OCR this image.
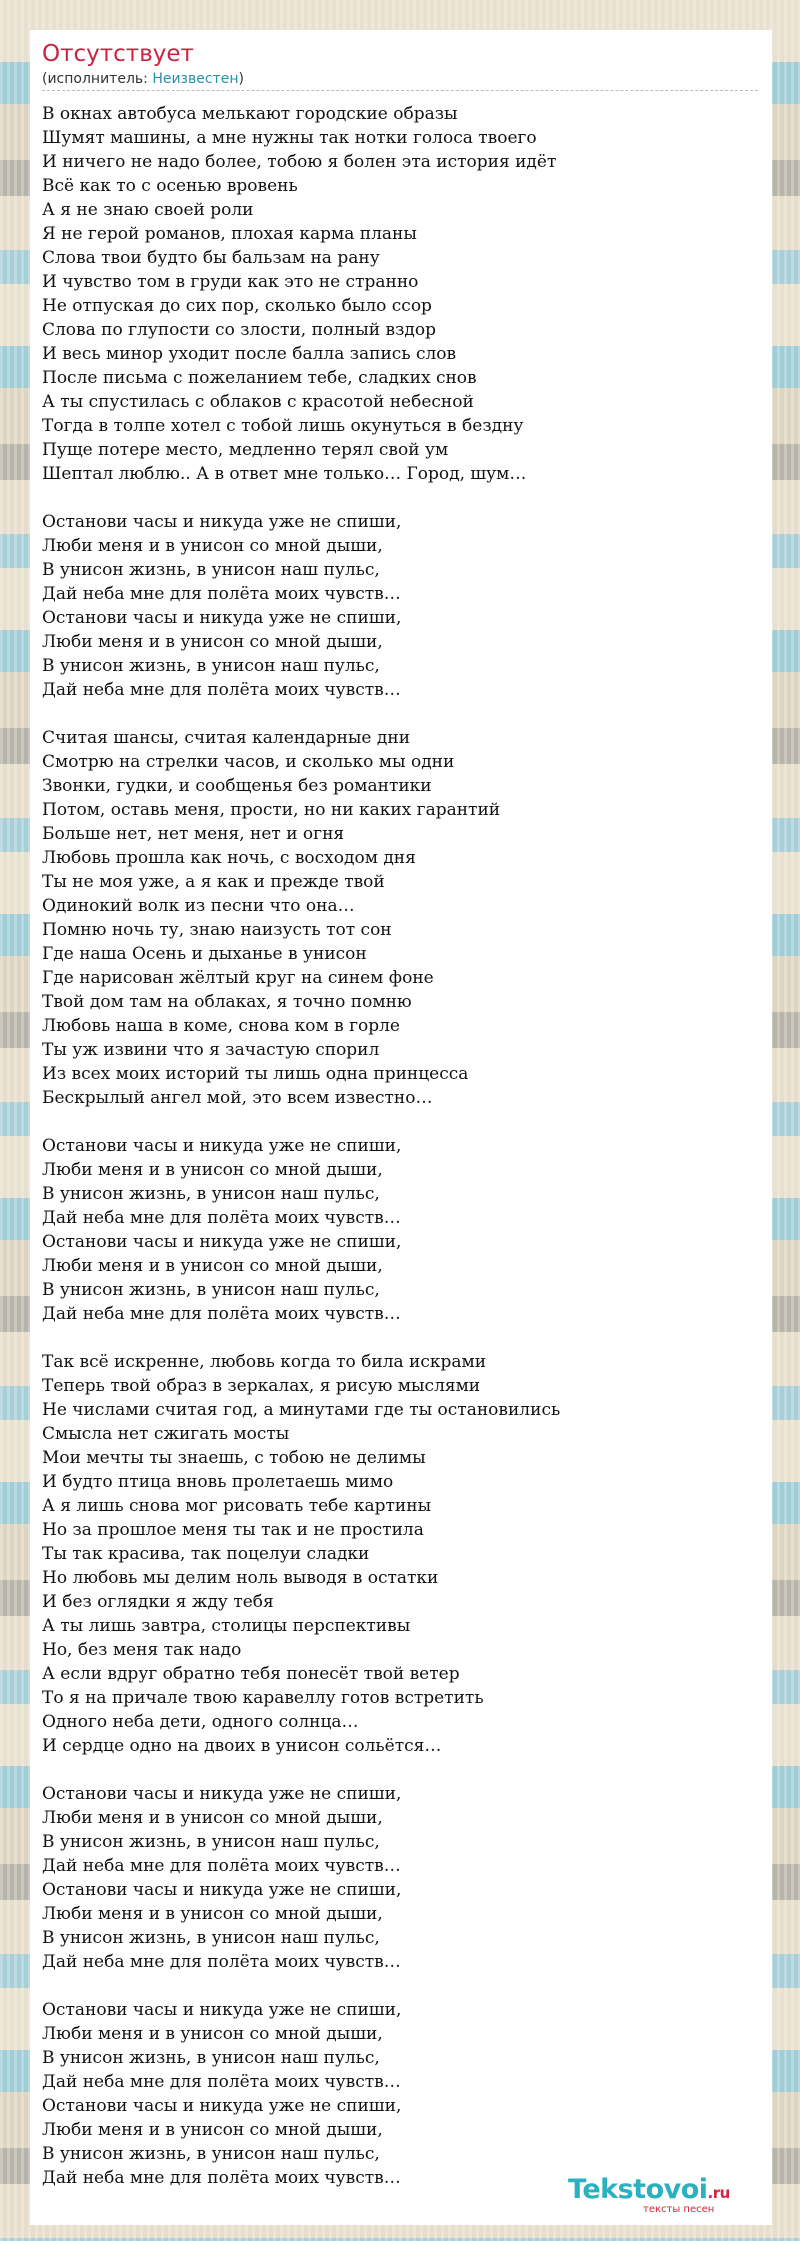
Отсутствует
(исполнитель: Неизвестен)
В окнах автобуса мелькают городские образы
Шумят машины, а мне нужны так нотки голоса твоего
И ничего не надо более, тобою я болен эта история идёт
Всё как то с осенью вровень
А я не знаю своей роли
Я не герой романов, плохая карма планы
Слова твои будто бы бальзам на рану
И чувство том в груди как это не странно
Не отпуская до сих пор, сколько было ссор
Слова по глупости со злости, полный вздор
И весь минор уходит после балла запись слов
После письма с пожеланием тебе, сладких снов
А ты спустилась с облаков с красотой небесной
Тогда в толпе хотел с тобой лишь окунуться в бездну
Пуще потере место, медленно терял свой ум
Шептал люблю.. А в ответ мне только… Город, шум…
Останови часы и никуда уже не спиши,
Люби меня и в унисон со мной дыши,
В унисон жизнь, в унисон наш пульс,
Дай неба мне для полёта моих чувств…
Останови часы и никуда уже не спиши,
Люби меня и в унисон со мной дыши,
В унисон жизнь, в унисон наш пульс,
Дай неба мне для полёта моих чувств…
Считая шансы, считая календарные дни
Смотрю на стрелки часов, и сколько мы одни
Звонки, гудки, и сообщенья без романтики
Потом, оставь меня, прости, но ни каких гарантий
Больше нет, нет меня, нет и огня
Любовь прошла как ночь, с восходом дня
Ты не моя уже, а я как и прежде твой
Одинокий волк из песни что она…
Помню ночь ту, знаю наизусть тот сон
Где наша Осень и дыханье в унисон
Где нарисован жёлтый круг на синем фоне
Твой дом там на облаках, я точно помню
Любовь наша в коме, снова ком в горле
Ты уж извини что я зачастую спорил
Из всех моих историй ты лишь одна принцесса
Бескрылый ангел мой, это всем известно…
Останови часы и никуда уже не спиши,
Люби меня и в унисон со мной дыши,
В унисон жизнь, в унисон наш пульс,
Дай неба мне для полёта моих чувств…
Останови часы и никуда уже не спиши,
Люби меня и в унисон со мной дыши,
В унисон жизнь, в унисон наш пульс,
Дай неба мне для полёта моих чувств…
Так всё искренне, любовь когда то била искрами
Теперь твой образ в зеркалах, я рисую мыслями
Не числами считая год, а минутами где ты остановились
Смысла нет сжигать мосты
Мои мечты ты знаешь, с тобою не делимы
И будто птица вновь пролетаешь мимо
А я лишь снова мог рисовать тебе картины
Но за прошлое меня ты так и не простила
Ты так красива, так поцелуи сладки
Но любовь мы делим ноль выводя в остатки
И без оглядки я жду тебя
А ты лишь завтра, столицы перспективы
Но, без меня так надо
А если вдруг обратно тебя понесёт твой ветер
То я на причале твою каравеллу готов встретить
Одного неба дети, одного солнца…
И сердце одно на двоих в унисон сольётся…
Останови часы и никуда уже не спиши,
Люби меня и в унисон со мной дыши,
В унисон жизнь, в унисон наш пульс,
Дай неба мне для полёта моих чувств…
Останови часы и никуда уже не спиши,
Люби меня и в унисон со мной дыши,
В унисон жизнь, в унисон наш пульс,
Дай неба мне для полёта моих чувств…
Останови часы и никуда уже не спиши,
Люби меня и в унисон со мной дыши,
В унисон жизнь, в унисон наш пульс,
Дай неба мне для полёта моих чувств…
Останови часы и никуда уже не спиши,
Люби меня и в унисон со мной дыши,
В унисон жизнь, в унисон наш пульс,
Дай неба мне для полёта моих чувств…	Tekstovoi.ru
тексты песен
